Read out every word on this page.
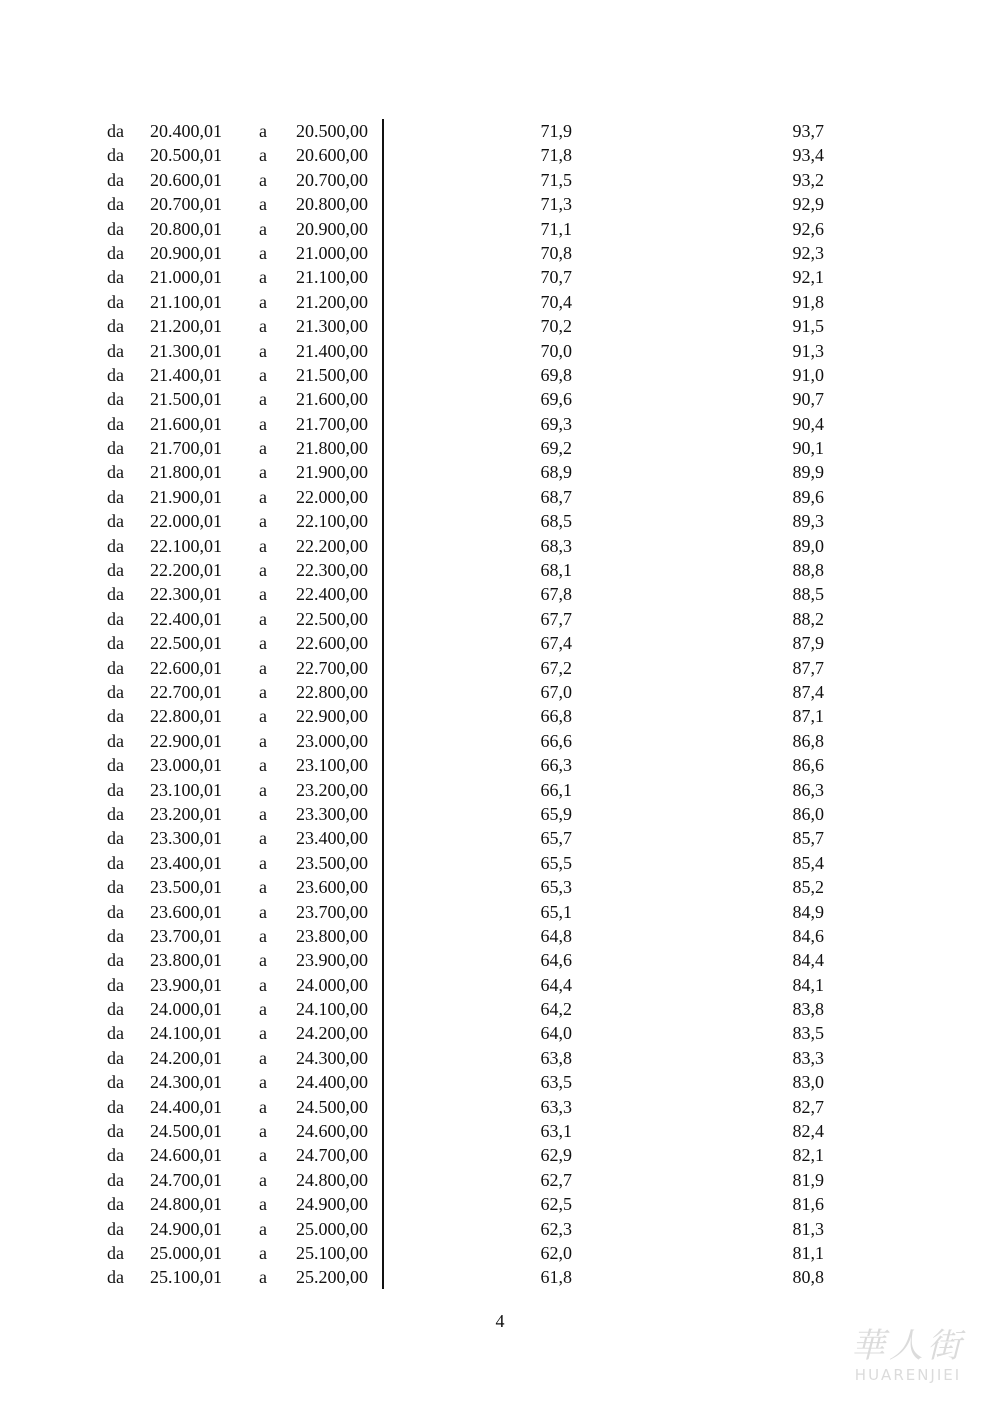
da 20.400,01 a 20.500,00	71,9	93,7
da 20.500,01 a 20.600,00	71,8	93,4
da 20.600,01 a 20.700,00	71,5	93,2
da 20.700,01 a 20.800,00	71,3	92,9
da 20.800,01 a 20.900,00	71,1	92,6
da 20.900,01 a 21.000,00	70,8	92,3
da 21.000,01 a 21.100,00	70,7	92,1
da 21.100,01 a 21.200,00	70,4	91,8
da 21.200,01 a 21.300,00	70,2	91,5
da 21.300,01 a 21.400,00	70,0	91,3
da 21.400,01 a 21.500,00	69,8	91,0
da 21.500,01 a 21.600,00	69,6	90,7
da 21.600,01 a 21.700,00	69,3	90,4
da 21.700,01 a 21.800,00	69,2	90,1
da 21.800,01 a 21.900,00	68,9	89,9
da 21.900,01 a 22.000,00	68,7	89,6
da 22.000,01 a 22.100,00	68,5	89,3
da 22.100,01 a 22.200,00	68,3	89,0
da 22.200,01 a 22.300,00	68,1	88,8
da 22.300,01 a 22.400,00	67,8	88,5
da 22.400,01 a 22.500,00	67,7	88,2
da 22.500,01 a 22.600,00	67,4	87,9
da 22.600,01 a 22.700,00	67,2	87,7
da 22.700,01 a 22.800,00	67,0	87,4
da 22.800,01 a 22.900,00	66,8	87,1
da 22.900,01 a 23.000,00	66,6	86,8
da 23.000,01 a 23.100,00	66,3	86,6
da 23.100,01 a 23.200,00	66,1	86,3
da 23.200,01 a 23.300,00	65,9	86,0
da 23.300,01 a 23.400,00	65,7	85,7
da 23.400,01 a 23.500,00	65,5	85,4
da 23.500,01 a 23.600,00	65,3	85,2
da 23.600,01 a 23.700,00	65,1	84,9
da 23.700,01 a 23.800,00	64,8	84,6
da 23.800,01 a 23.900,00	64,6	84,4
da 23.900,01 a 24.000,00	64,4	84,1
da 24.000,01 a 24.100,00	64,2	83,8
da 24.100,01 a 24.200,00	64,0	83,5
da 24.200,01 a 24.300,00	63,8	83,3
da 24.300,01 a 24.400,00	63,5	83,0
da 24.400,01 a 24.500,00	63,3	82,7
da 24.500,01 a 24.600,00	63,1	82,4
da 24.600,01 a 24.700,00	62,9	82,1
da 24.700,01 a 24.800,00	62,7	81,9
da 24.800,01 a 24.900,00	62,5	81,6
da 24.900,01 a 25.000,00	62,3	81,3
da 25.000,01 a 25.100,00	62,0	81,1
da 25.100,01 a 25.200,00	61,8	80,8
4
華人街
HUARENJIEI
